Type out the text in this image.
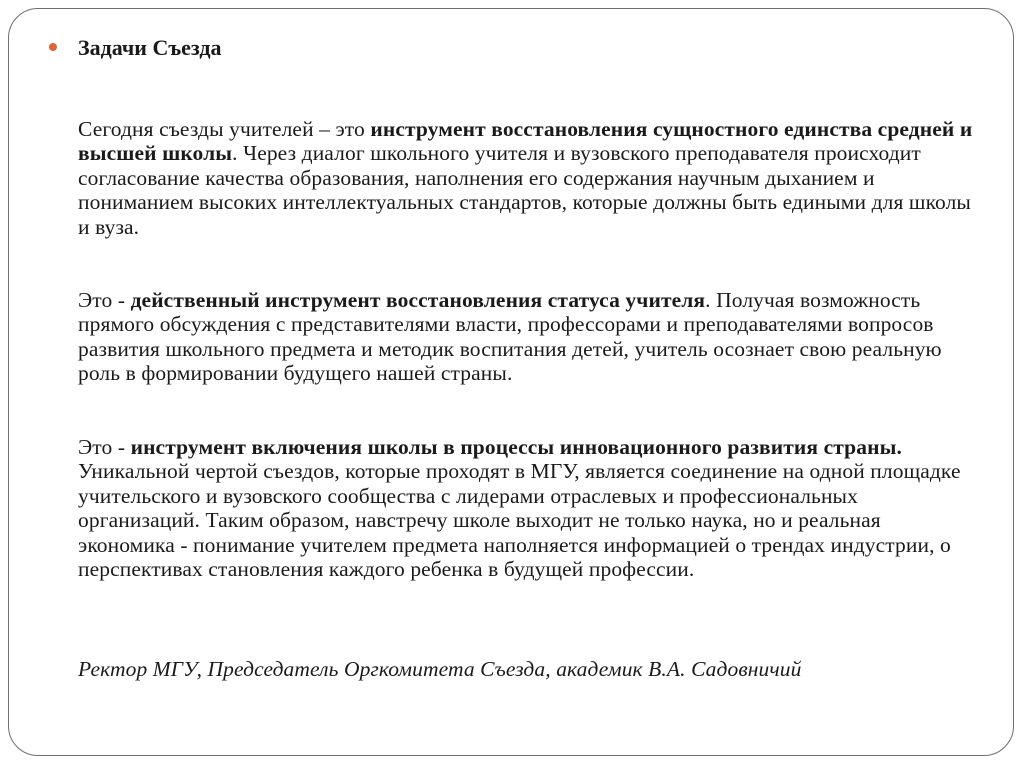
Задачи Съезда

Сегодня съезды учителей – это инструмент восстановления сущностного единства средней и высшей школы. Через диалог школьного учителя и вузовского преподавателя происходит согласование качества образования, наполнения его содержания научным дыханием и пониманием высоких интеллектуальных стандартов, которые должны быть едиными для школы и вуза.

Это - действенный инструмент восстановления статуса учителя. Получая возможность прямого обсуждения с представителями власти, профессорами и преподавателями вопросов развития школьного предмета и методик воспитания детей, учитель осознает свою реальную роль в формировании будущего нашей страны.

Это - инструмент включения школы в процессы инновационного развития страны. Уникальной чертой съездов, которые проходят в МГУ, является соединение на одной площадке учительского и вузовского сообщества с лидерами отраслевых и профессиональных организаций. Таким образом, навстречу школе выходит не только наука, но и реальная экономика - понимание учителем предмета наполняется информацией о трендах индустрии, о перспективах становления каждого ребенка в будущей профессии.

Ректор МГУ, Председатель Оргкомитета Съезда, академик В.А. Садовничий
